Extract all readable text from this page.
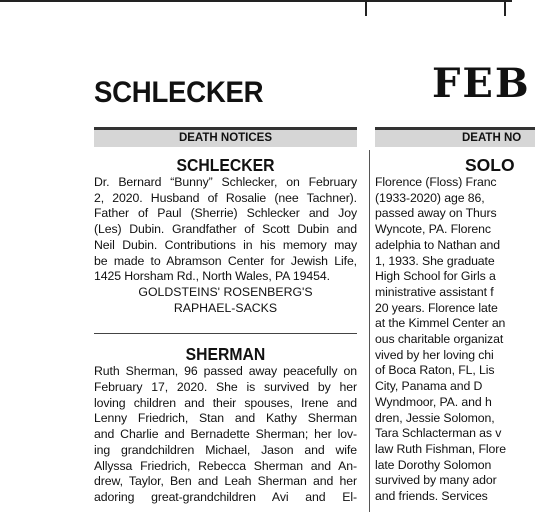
SCHLECKER	FEB
DEATH NOTICES
SCHLECKER
Dr. Bernard “Bunny” Schlecker, on February
2, 2020. Husband of Rosalie (nee Tachner).
Father of Paul (Sherrie) Schlecker and Joy
(Les) Dubin. Grandfather of Scott Dubin and
Neil Dubin. Contributions in his memory may
be made to Abramson Center for Jewish Life,
1425 Horsham Rd., North Wales, PA 19454.
GOLDSTEINS' ROSENBERG'S
RAPHAEL-SACKS
SHERMAN
Ruth Sherman, 96 passed away peacefully on
February 17, 2020. She is survived by her
loving children and their spouses, Irene and
Lenny Friedrich, Stan and Kathy Sherman
and Charlie and Bernadette Sherman; her lov-
ing grandchildren Michael, Jason and wife
Allyssa Friedrich, Rebecca Sherman and An-
drew, Taylor, Ben and Leah Sherman and her
adoring great-grandchildren Avi and El-
DEATH NO
SOLO
Florence (Floss) Franc
(1933-2020) age 86,
passed away on Thurs
Wyncote, PA. Florenc
adelphia to Nathan and
1, 1933. She graduate
High School for Girls a
ministrative assistant f
20 years. Florence late
at the Kimmel Center an
ous charitable organizat
vived by her loving chi
of Boca Raton, FL, Lis
City, Panama and D
Wyndmoor, PA. and h
dren, Jessie Solomon,
Tara Schlacterman as v
law Ruth Fishman, Flore
late Dorothy Solomon
survived by many ador
and friends. Services
